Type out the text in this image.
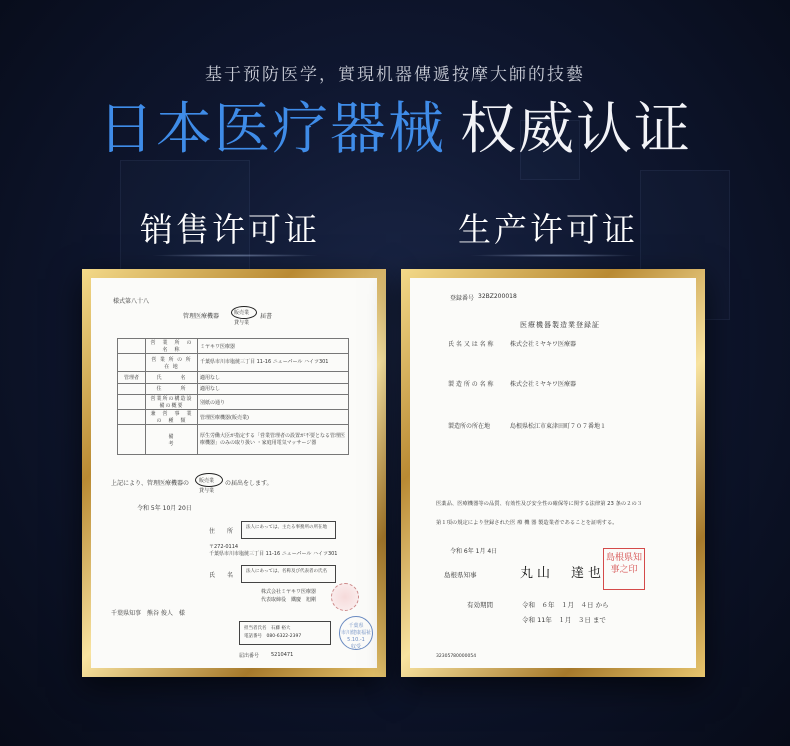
基于预防医学，實現机器傳遞按摩大師的技藝
日本医疗器械 权威认证
销售许可证	生产许可证
様式第八十八
管理医療機器	販売業 届書
貸与業
	営　業　所　の　名　称	ミヤキワ医療器
	営 業 所 の 所 在 地	千葉県市川市塩焼三丁目 11-16 ニューパール ハイツ301
管理者	氏　　　名	適用なし
	住　　　所	適用なし
	営業所の構造設備の概要	別紙の通り
	兼　営　事　業　の　種　類	管理医療機器(販売業)
	備　　　　　　考	厚生労働大臣が指定する「営業管理者の設置が不要となる管理医療機器」のみの取り扱い ・家庭用電気マッサージ器
上記により、管理医療機器の 販売業 の届出をします。
貸与業
令和 5年 10月 20日
住　　所
法人にあっては、主たる事務所の所在地
〒272-0114
千葉県市川市塩焼三丁目 11-16 ニューパール ハイツ301
氏　　名
法人にあっては、名称及び代表者の氏名
株式会社ミヤキワ医療器
代表取締役　鐵慶　旭剛
千葉県知事　熊谷 俊人　様
担当者氏名　石藤 裕大
電話番号　080-6322-2397
千葉県
市川健康福祉
5.10.-1
収受
届出番号 5210471
登録番号 32BZ200018
医療機器製造業登録証
氏 名 又 は 名 称	株式会社ミヤキワ医療器
製 造 所 の 名 称	株式会社ミヤキワ医療器
製造所の所在地	島根県松江市東津田町７０７番地１
医薬品、医療機器等の品質、有効性及び安全性の確保等に関する法律第 23 条の２の３
第１項の規定により登録された医 療 機 器 製造業者であることを証明する。
令和 6年 1月 4日
島根県知事	丸山　達也
島根県知事之印
有効期間	令和　６年　１月　４日 から
令和 11年　１月　３日 まで
32305780000054
